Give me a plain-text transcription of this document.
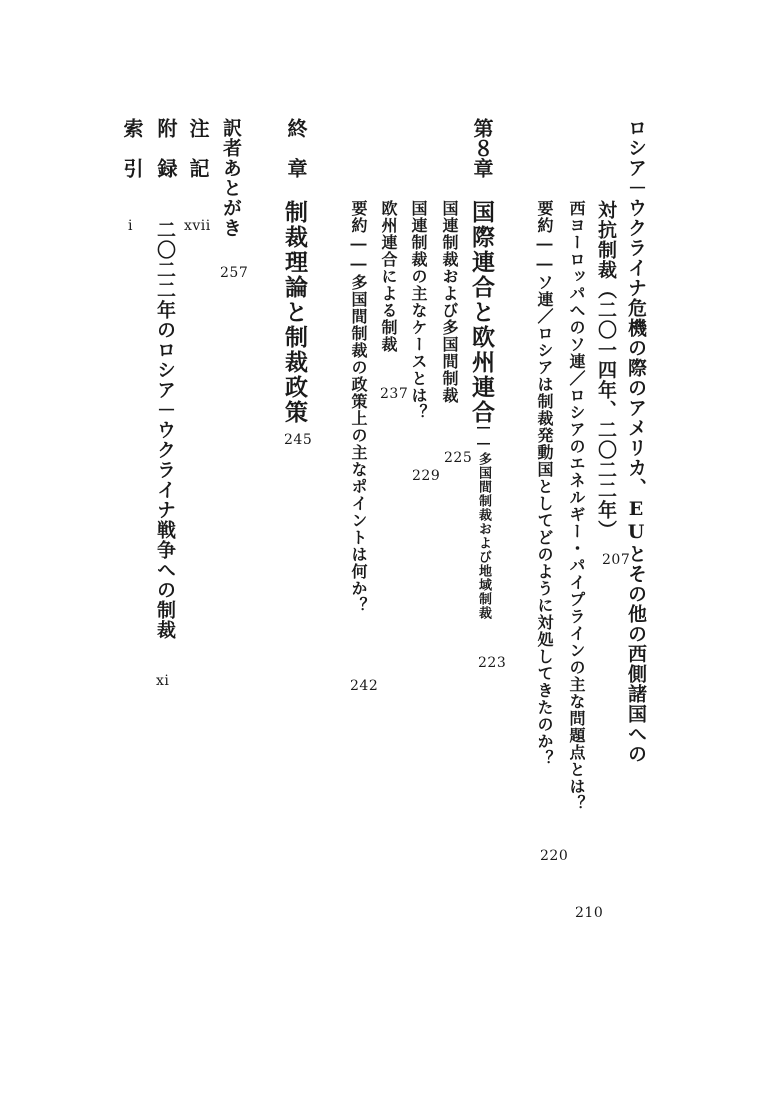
ロシア－ウクライナ危機の際のアメリカ、EUとその他の西側諸国への
対抗制裁（二〇一四年、二〇二二年）
207
西ヨーロッパへのソ連／ロシアのエネルギー・パイプラインの主な問題点とは？
210
要約――ソ連／ロシアは制裁発動国としてどのように対処してきたのか？
220
第８章
国際連合と欧州連合
――多国間制裁および地域制裁
223
国連制裁および多国間制裁
225
国連制裁の主なケースとは？
229
欧州連合による制裁
237
要約――多国間制裁の政策上の主なポイントは何か？
242
終　章
制裁理論と制裁政策
245
訳者あとがき
257
注　記
xvii
附　録
二〇二二年のロシア－ウクライナ戦争への制裁
xi
索　引
i
